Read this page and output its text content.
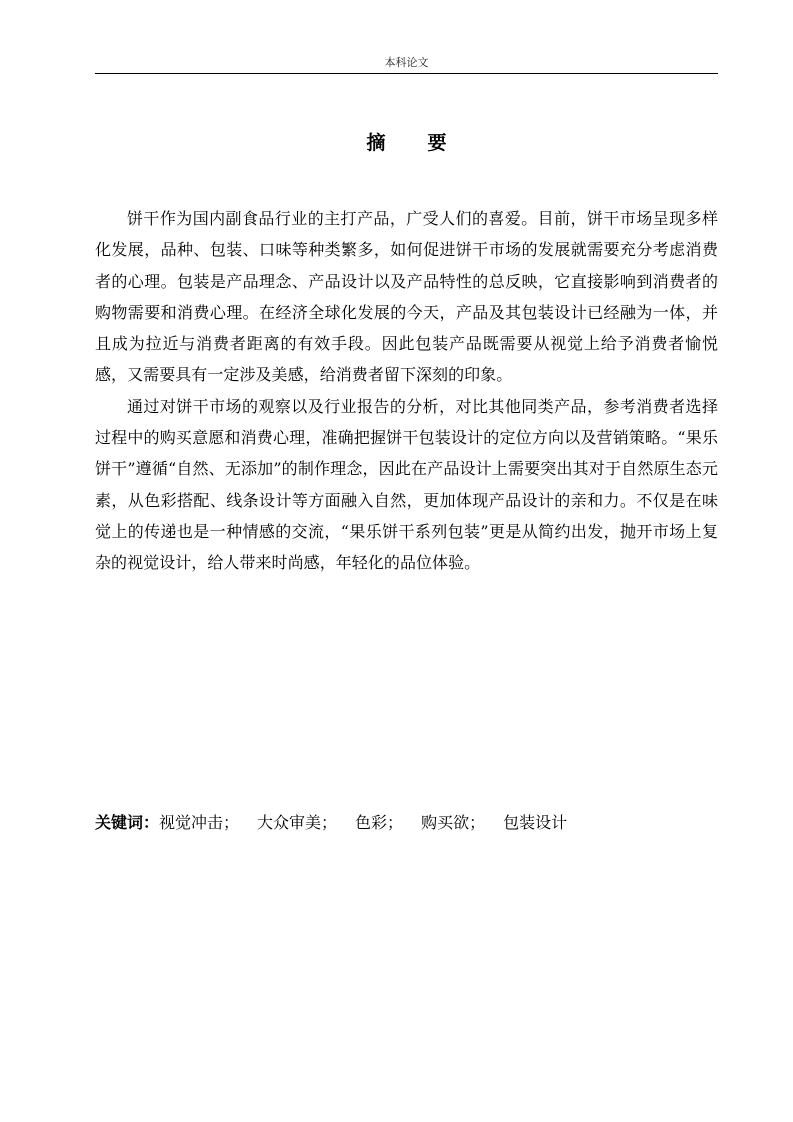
本科论文
摘 要

饼干作为国内副食品行业的主打产品，广受人们的喜爱。目前，饼干市场呈现多样化发展，品种、包装、口味等种类繁多，如何促进饼干市场的发展就需要充分考虑消费者的心理。包装是产品理念、产品设计以及产品特性的总反映，它直接影响到消费者的购物需要和消费心理。在经济全球化发展的今天，产品及其包装设计已经融为一体，并且成为拉近与消费者距离的有效手段。因此包装产品既需要从视觉上给予消费者愉悦感，又需要具有一定涉及美感，给消费者留下深刻的印象。

通过对饼干市场的观察以及行业报告的分析，对比其他同类产品，参考消费者选择过程中的购买意愿和消费心理，准确把握饼干包装设计的定位方向以及营销策略。“果乐饼干”遵循“自然、无添加”的制作理念，因此在产品设计上需要突出其对于自然原生态元素，从色彩搭配、线条设计等方面融入自然，更加体现产品设计的亲和力。不仅是在味觉上的传递也是一种情感的交流，“果乐饼干系列包装”更是从简约出发，抛开市场上复杂的视觉设计，给人带来时尚感，年轻化的品位体验。

关键词：视觉冲击； 大众审美； 色彩； 购买欲； 包装设计
